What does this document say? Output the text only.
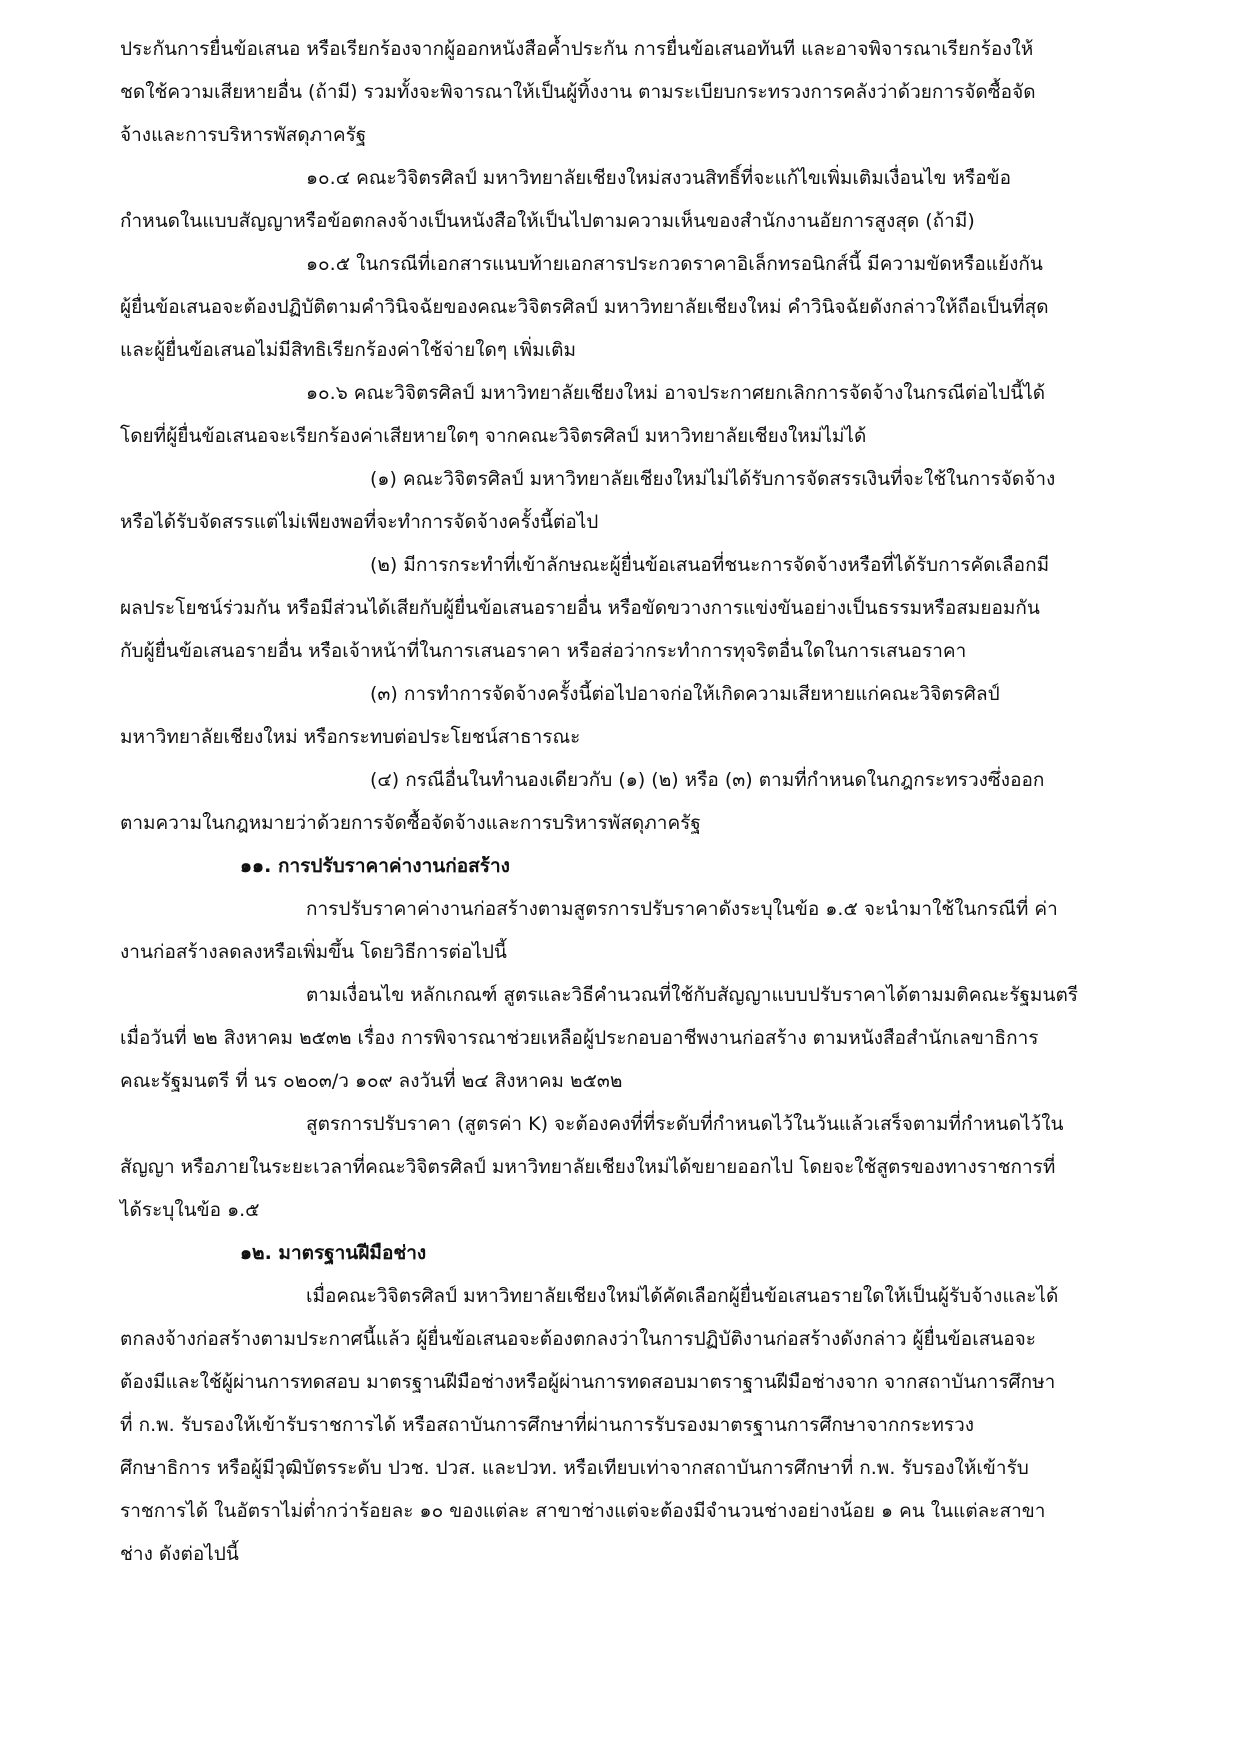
ประกันการยื่นข้อเสนอ หรือเรียกร้องจากผู้ออกหนังสือค้ำประกัน การยื่นข้อเสนอทันที และอาจพิจารณาเรียกร้องให้
ชดใช้ความเสียหายอื่น (ถ้ามี) รวมทั้งจะพิจารณาให้เป็นผู้ทิ้งงาน ตามระเบียบกระทรวงการคลังว่าด้วยการจัดซื้อจัด
จ้างและการบริหารพัสดุภาครัฐ
๑๐.๔ คณะวิจิตรศิลป์ มหาวิทยาลัยเชียงใหม่สงวนสิทธิ์ที่จะแก้ไขเพิ่มเติมเงื่อนไข หรือข้อ
กำหนดในแบบสัญญาหรือข้อตกลงจ้างเป็นหนังสือให้เป็นไปตามความเห็นของสำนักงานอัยการสูงสุด (ถ้ามี)
๑๐.๕ ในกรณีที่เอกสารแนบท้ายเอกสารประกวดราคาอิเล็กทรอนิกส์นี้ มีความขัดหรือแย้งกัน
ผู้ยื่นข้อเสนอจะต้องปฏิบัติตามคำวินิจฉัยของคณะวิจิตรศิลป์ มหาวิทยาลัยเชียงใหม่ คำวินิจฉัยดังกล่าวให้ถือเป็นที่สุด
และผู้ยื่นข้อเสนอไม่มีสิทธิเรียกร้องค่าใช้จ่ายใดๆ เพิ่มเติม
๑๐.๖ คณะวิจิตรศิลป์ มหาวิทยาลัยเชียงใหม่ อาจประกาศยกเลิกการจัดจ้างในกรณีต่อไปนี้ได้
โดยที่ผู้ยื่นข้อเสนอจะเรียกร้องค่าเสียหายใดๆ จากคณะวิจิตรศิลป์ มหาวิทยาลัยเชียงใหม่ไม่ได้
(๑) คณะวิจิตรศิลป์ มหาวิทยาลัยเชียงใหม่ไม่ได้รับการจัดสรรเงินที่จะใช้ในการจัดจ้าง
หรือได้รับจัดสรรแต่ไม่เพียงพอที่จะทำการจัดจ้างครั้งนี้ต่อไป
(๒) มีการกระทำที่เข้าลักษณะผู้ยื่นข้อเสนอที่ชนะการจัดจ้างหรือที่ได้รับการคัดเลือกมี
ผลประโยชน์ร่วมกัน หรือมีส่วนได้เสียกับผู้ยื่นข้อเสนอรายอื่น หรือขัดขวางการแข่งขันอย่างเป็นธรรมหรือสมยอมกัน
กับผู้ยื่นข้อเสนอรายอื่น หรือเจ้าหน้าที่ในการเสนอราคา หรือส่อว่ากระทำการทุจริตอื่นใดในการเสนอราคา
(๓) การทำการจัดจ้างครั้งนี้ต่อไปอาจก่อให้เกิดความเสียหายแก่คณะวิจิตรศิลป์
มหาวิทยาลัยเชียงใหม่ หรือกระทบต่อประโยชน์สาธารณะ
(๔) กรณีอื่นในทำนองเดียวกับ (๑) (๒) หรือ (๓) ตามที่กำหนดในกฎกระทรวงซึ่งออก
ตามความในกฎหมายว่าด้วยการจัดซื้อจัดจ้างและการบริหารพัสดุภาครัฐ
๑๑. การปรับราคาค่างานก่อสร้าง
การปรับราคาค่างานก่อสร้างตามสูตรการปรับราคาดังระบุในข้อ ๑.๕ จะนำมาใช้ในกรณีที่ ค่า
งานก่อสร้างลดลงหรือเพิ่มขึ้น โดยวิธีการต่อไปนี้
ตามเงื่อนไข หลักเกณฑ์ สูตรและวิธีคำนวณที่ใช้กับสัญญาแบบปรับราคาได้ตามมติคณะรัฐมนตรี
เมื่อวันที่ ๒๒ สิงหาคม ๒๕๓๒ เรื่อง การพิจารณาช่วยเหลือผู้ประกอบอาชีพงานก่อสร้าง ตามหนังสือสำนักเลขาธิการ
คณะรัฐมนตรี ที่ นร ๐๒๐๓/ว ๑๐๙ ลงวันที่ ๒๔ สิงหาคม ๒๕๓๒
สูตรการปรับราคา (สูตรค่า K) จะต้องคงที่ที่ระดับที่กำหนดไว้ในวันแล้วเสร็จตามที่กำหนดไว้ใน
สัญญา หรือภายในระยะเวลาที่คณะวิจิตรศิลป์ มหาวิทยาลัยเชียงใหม่ได้ขยายออกไป โดยจะใช้สูตรของทางราชการที่
ได้ระบุในข้อ ๑.๕
๑๒. มาตรฐานฝีมือช่าง
เมื่อคณะวิจิตรศิลป์ มหาวิทยาลัยเชียงใหม่ได้คัดเลือกผู้ยื่นข้อเสนอรายใดให้เป็นผู้รับจ้างและได้
ตกลงจ้างก่อสร้างตามประกาศนี้แล้ว ผู้ยื่นข้อเสนอจะต้องตกลงว่าในการปฏิบัติงานก่อสร้างดังกล่าว ผู้ยื่นข้อเสนอจะ
ต้องมีและใช้ผู้ผ่านการทดสอบ มาตรฐานฝีมือช่างหรือผู้ผ่านการทดสอบมาตราฐานฝีมือช่างจาก จากสถาบันการศึกษา
ที่ ก.พ. รับรองให้เข้ารับราชการได้ หรือสถาบันการศึกษาที่ผ่านการรับรองมาตรฐานการศึกษาจากกระทรวง
ศึกษาธิการ หรือผู้มีวุฒิบัตรระดับ ปวช. ปวส. และปวท. หรือเทียบเท่าจากสถาบันการศึกษาที่ ก.พ. รับรองให้เข้ารับ
ราชการได้ ในอัตราไม่ต่ำกว่าร้อยละ ๑๐ ของแต่ละ สาขาช่างแต่จะต้องมีจำนวนช่างอย่างน้อย ๑ คน ในแต่ละสาขา
ช่าง ดังต่อไปนี้
